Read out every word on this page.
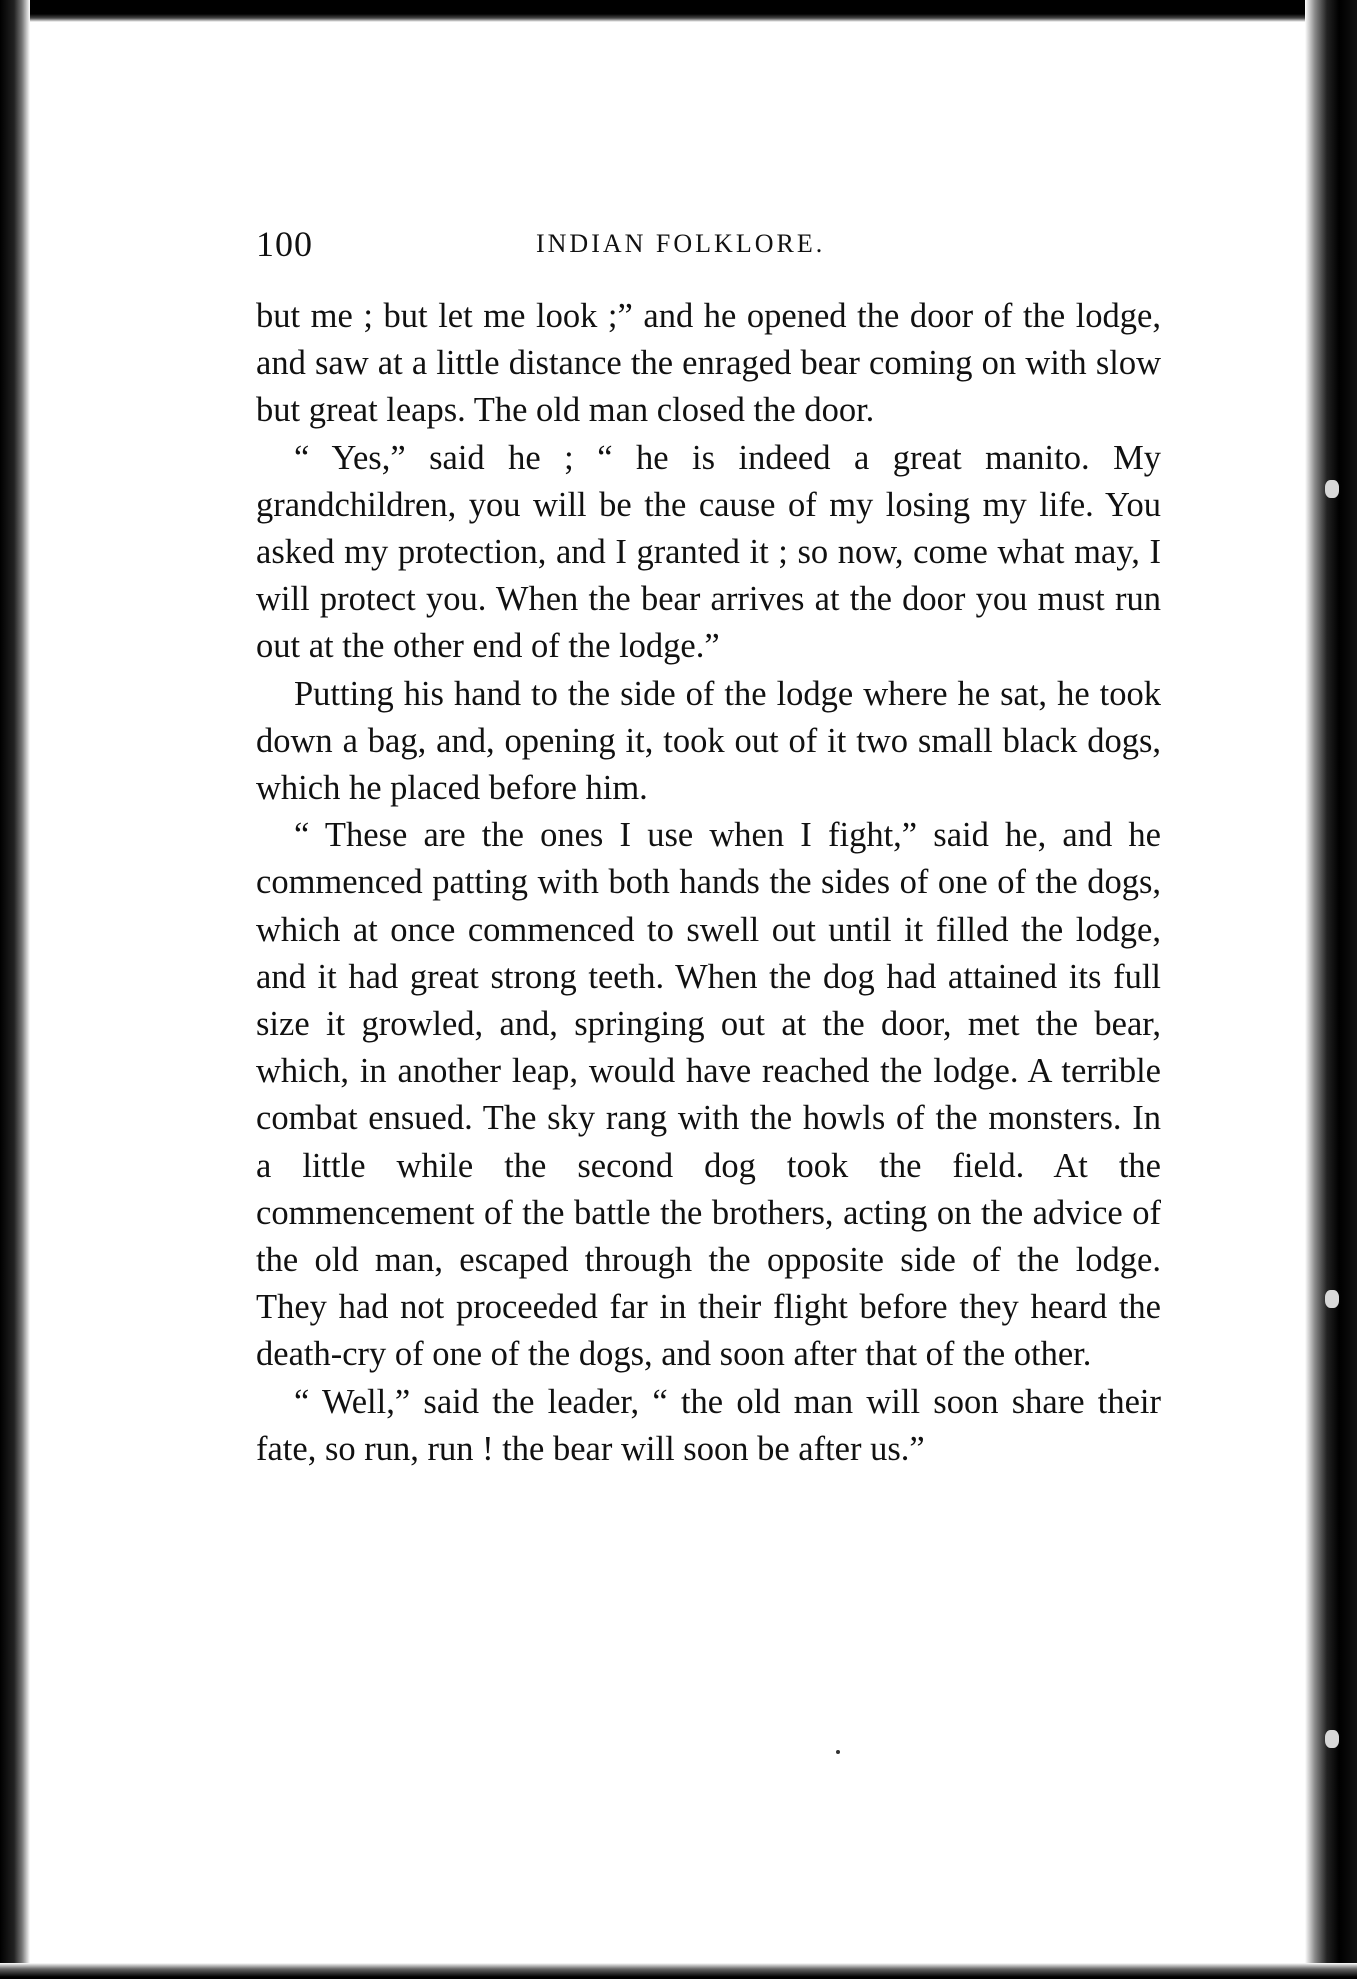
100	INDIAN FOLKLORE.

but me ; but let me look ;” and he opened the door of the lodge, and saw at a little distance the enraged bear coming on with slow but great leaps. The old man closed the door.

“ Yes,” said he ; “ he is indeed a great manito. My grandchildren, you will be the cause of my losing my life. You asked my protection, and I granted it ; so now, come what may, I will protect you. When the bear arrives at the door you must run out at the other end of the lodge.”

Putting his hand to the side of the lodge where he sat, he took down a bag, and, opening it, took out of it two small black dogs, which he placed before him.

“ These are the ones I use when I fight,” said he, and he commenced patting with both hands the sides of one of the dogs, which at once commenced to swell out until it filled the lodge, and it had great strong teeth. When the dog had attained its full size it growled, and, springing out at the door, met the bear, which, in another leap, would have reached the lodge. A terrible combat ensued. The sky rang with the howls of the monsters. In a little while the second dog took the field. At the commencement of the battle the brothers, acting on the advice of the old man, escaped through the opposite side of the lodge. They had not proceeded far in their flight before they heard the death-cry of one of the dogs, and soon after that of the other.

“ Well,” said the leader, “ the old man will soon share their fate, so run, run ! the bear will soon be after us.”
